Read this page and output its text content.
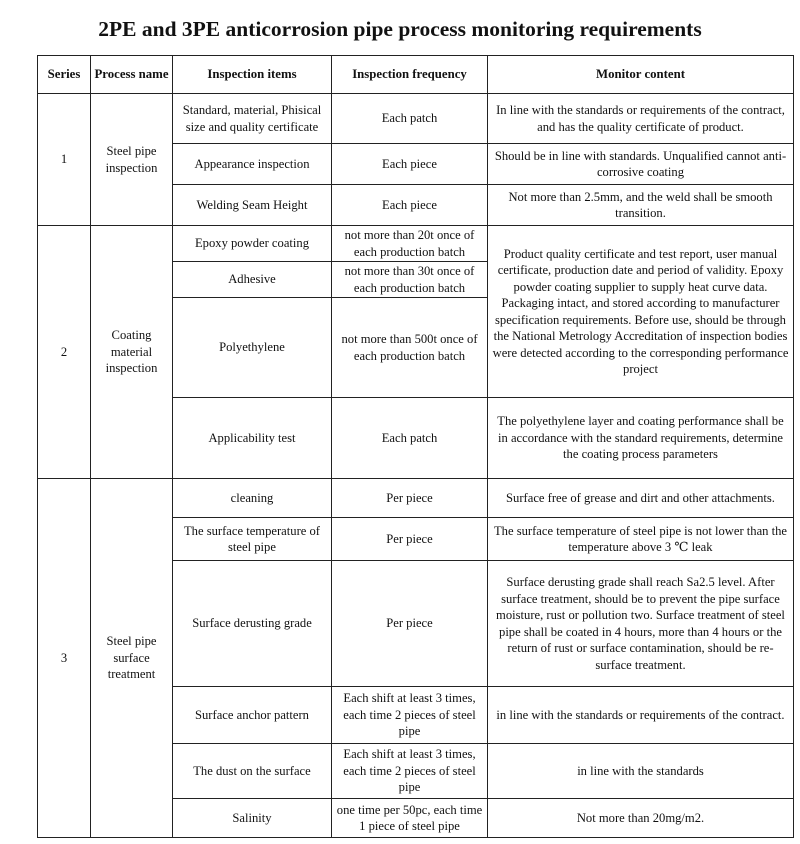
2PE and 3PE anticorrosion pipe process monitoring requirements
Series	Process name	Inspection items	Inspection frequency	Monitor content
1	Steel pipe inspection	Standard, material, Phisical size and quality certificate	Each patch	In line with the standards or requirements of the contract, and has the quality certificate of product.
		Appearance inspection	Each piece	Should be in line with standards. Unqualified cannot anti-corrosive coating
		Welding Seam Height	Each piece	Not more than 2.5mm, and the weld shall be smooth transition.
2	Coating material inspection	Epoxy powder coating	not more than 20t once of each production batch	Product quality certificate and test report, user manual certificate, production date and period of validity. Epoxy powder coating supplier to supply heat curve data. Packaging intact, and stored according to manufacturer specification requirements. Before use, should be through the National Metrology Accreditation of inspection bodies were detected according to the corresponding performance project
		Adhesive	not more than 30t once of each production batch	
		Polyethylene	not more than 500t once of each production batch	
		Applicability test	Each patch	The polyethylene layer and coating performance shall be in accordance with the standard requirements, determine the coating process parameters
3	Steel pipe surface treatment	cleaning	Per piece	Surface free of grease and dirt and other attachments.
		The surface temperature of steel pipe	Per piece	The surface temperature of steel pipe is not lower than the temperature above 3 ℃ leak
		Surface derusting grade	Per piece	Surface derusting grade shall reach Sa2.5 level. After surface treatment, should be to prevent the pipe surface moisture, rust or pollution two. Surface treatment of steel pipe shall be coated in 4 hours, more than 4 hours or the return of rust or surface contamination, should be re-surface treatment.
		Surface anchor pattern	Each shift at least 3 times, each time 2 pieces of steel pipe	in line with the standards or requirements of the contract.
		The dust on the surface	Each shift at least 3 times, each time 2 pieces of steel pipe	in line with the standards
		Salinity	one time per 50pc, each time 1 piece of steel pipe	Not more than 20mg/m2.
